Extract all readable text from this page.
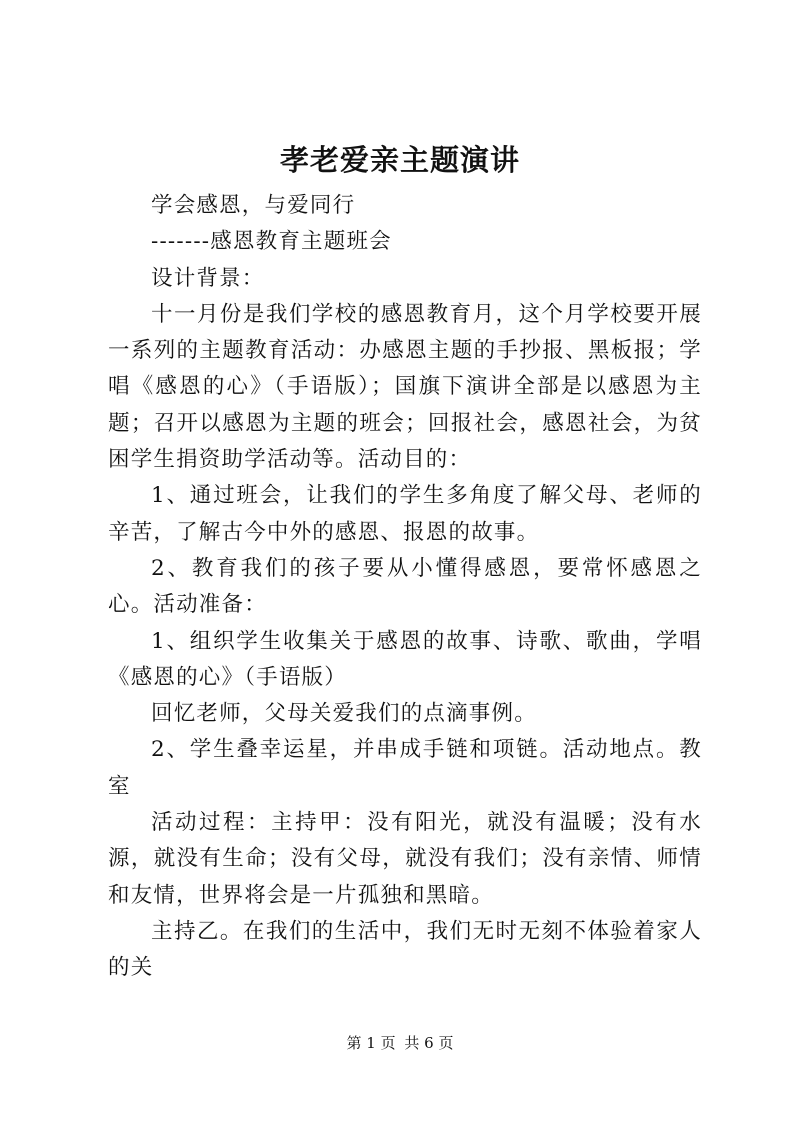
孝老爱亲主题演讲

学会感恩，与爱同行

-------感恩教育主题班会

设计背景：

十一月份是我们学校的感恩教育月，这个月学校要开展一系列的主题教育活动：办感恩主题的手抄报、黑板报；学唱《感恩的心》（手语版）；国旗下演讲全部是以感恩为主题；召开以感恩为主题的班会；回报社会，感恩社会，为贫困学生捐资助学活动等。活动目的：

1、通过班会，让我们的学生多角度了解父母、老师的辛苦，了解古今中外的感恩、报恩的故事。

2、教育我们的孩子要从小懂得感恩，要常怀感恩之心。活动准备：

1、组织学生收集关于感恩的故事、诗歌、歌曲，学唱《感恩的心》（手语版）

回忆老师，父母关爱我们的点滴事例。

2、学生叠幸运星，并串成手链和项链。活动地点。教室

活动过程：主持甲：没有阳光，就没有温暖；没有水源，就没有生命；没有父母，就没有我们；没有亲情、师情和友情，世界将会是一片孤独和黑暗。

主持乙。在我们的生活中，我们无时无刻不体验着家人的关

第 1 页 共 6 页
